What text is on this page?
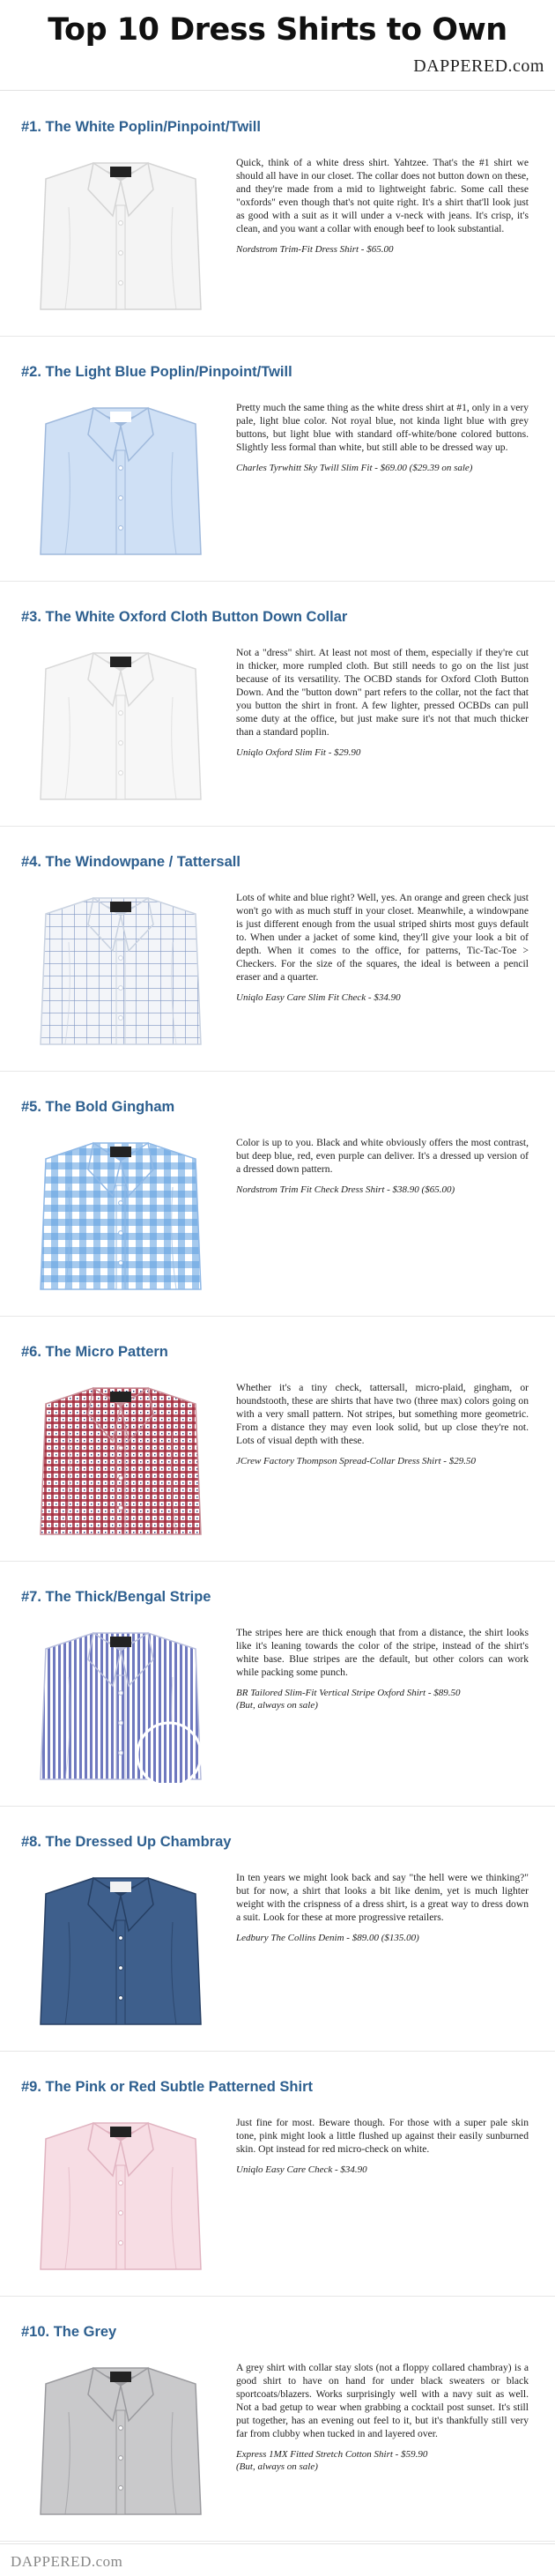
Top 10 Dress Shirts to Own
DAPPERED.com
#1. The White Poplin/Pinpoint/Twill

Quick, think of a white dress shirt. Yahtzee. That's the #1 shirt we should all have in our closet. The collar does not button down on these, and they're made from a mid to lightweight fabric. Some call these "oxfords" even though that's not quite right. It's a shirt that'll look just as good with a suit as it will under a v-neck with jeans. It's crisp, it's clean, and you want a collar with enough beef to look substantial.

Nordstrom Trim-Fit Dress Shirt - $65.00
#2. The Light Blue Poplin/Pinpoint/Twill

Pretty much the same thing as the white dress shirt at #1, only in a very pale, light blue color. Not royal blue, not kinda light blue with grey buttons, but light blue with standard off-white/bone colored buttons. Slightly less formal than white, but still able to be dressed way up.

Charles Tyrwhitt Sky Twill Slim Fit - $69.00 ($29.39 on sale)
#3. The White Oxford Cloth Button Down Collar

Not a "dress" shirt. At least not most of them, especially if they're cut in thicker, more rumpled cloth. But still needs to go on the list just because of its versatility. The OCBD stands for Oxford Cloth Button Down. And the "button down" part refers to the collar, not the fact that you button the shirt in front. A few lighter, pressed OCBDs can pull some duty at the office, but just make sure it's not that much thicker than a standard poplin.

Uniqlo Oxford Slim Fit - $29.90
#4. The Windowpane / Tattersall

Lots of white and blue right? Well, yes. An orange and green check just won't go with as much stuff in your closet. Meanwhile, a windowpane is just different enough from the usual striped shirts most guys default to. When under a jacket of some kind, they'll give your look a bit of depth. When it comes to the office, for patterns, Tic-Tac-Toe > Checkers. For the size of the squares, the ideal is between a pencil eraser and a quarter.

Uniqlo Easy Care Slim Fit Check - $34.90
#5. The Bold Gingham

Color is up to you. Black and white obviously offers the most contrast, but deep blue, red, even purple can deliver. It's a dressed up version of a dressed down pattern.

Nordstrom Trim Fit Check Dress Shirt - $38.90 ($65.00)
#6. The Micro Pattern

Whether it's a tiny check, tattersall, micro-plaid, gingham, or houndstooth, these are shirts that have two (three max) colors going on with a very small pattern. Not stripes, but something more geometric. From a distance they may even look solid, but up close they're not. Lots of visual depth with these.

JCrew Factory Thompson Spread-Collar Dress Shirt - $29.50
#7. The Thick/Bengal Stripe

The stripes here are thick enough that from a distance, the shirt looks like it's leaning towards the color of the stripe, instead of the shirt's white base. Blue stripes are the default, but other colors can work while packing some punch.

BR Tailored Slim-Fit Vertical Stripe Oxford Shirt - $89.50
(But, always on sale)
#8. The Dressed Up Chambray

In ten years we might look back and say "the hell were we thinking?" but for now, a shirt that looks a bit like denim, yet is much lighter weight with the crispness of a dress shirt, is a great way to dress down a suit. Look for these at more progressive retailers.

Ledbury The Collins Denim - $89.00 ($135.00)
#9. The Pink or Red Subtle Patterned Shirt

Just fine for most. Beware though. For those with a super pale skin tone, pink might look a little flushed up against their easily sunburned skin. Opt instead for red micro-check on white.

Uniqlo Easy Care Check - $34.90
#10. The Grey

A grey shirt with collar stay slots (not a floppy collared chambray) is a good shirt to have on hand for under black sweaters or black sportcoats/blazers. Works surprisingly well with a navy suit as well. Not a bad getup to wear when grabbing a cocktail post sunset. It's still put together, has an evening out feel to it, but it's thankfully still very far from clubby when tucked in and layered over.

Express 1MX Fitted Stretch Cotton Shirt - $59.90
(But, always on sale)
DAPPERED.com
